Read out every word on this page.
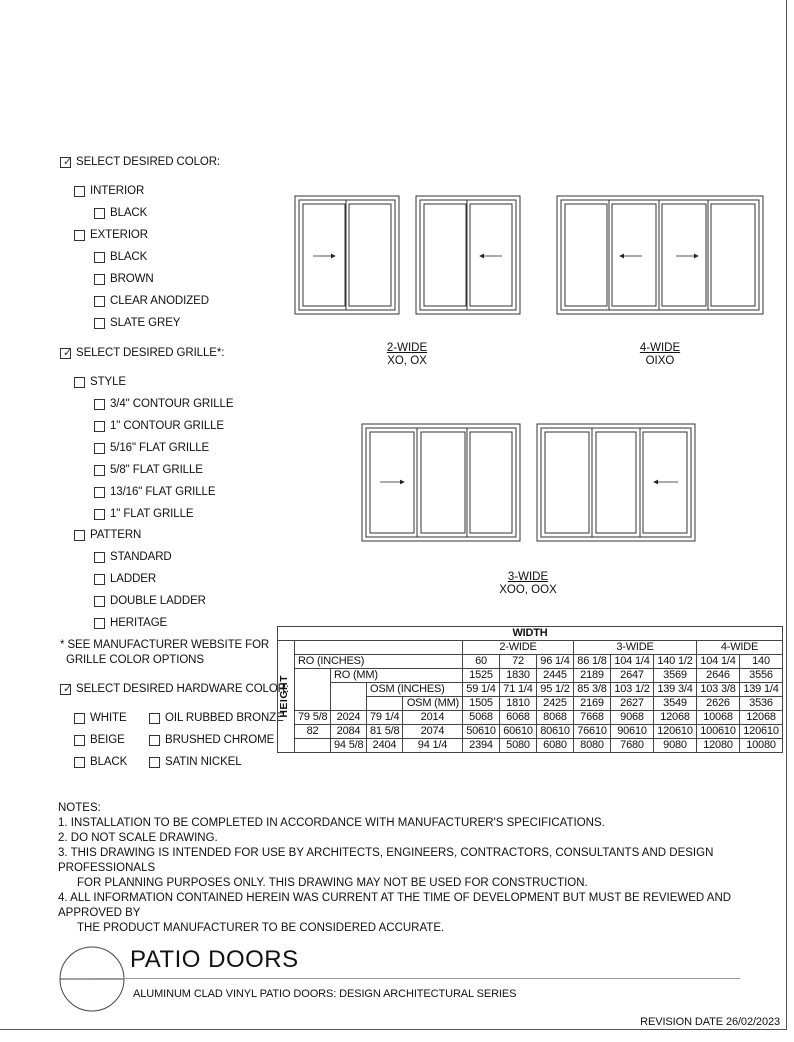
✓ SELECT DESIRED COLOR:
INTERIOR
BLACK
EXTERIOR
BLACK
BROWN
CLEAR ANODIZED
SLATE GREY
✓ SELECT DESIRED GRILLE*:
STYLE
3/4" CONTOUR GRILLE
1" CONTOUR GRILLE
5/16" FLAT GRILLE
5/8" FLAT GRILLE
13/16" FLAT GRILLE
1" FLAT GRILLE
PATTERN
STANDARD
LADDER
DOUBLE LADDER
HERITAGE
* SEE MANUFACTURER WEBSITE FOR
GRILLE COLOR OPTIONS
✓ SELECT DESIRED HARDWARE COLOR:
WHITE
BEIGE
BLACK
OIL RUBBED BRONZE
BRUSHED CHROME
SATIN NICKEL
2-WIDE
XO, OX
4-WIDE
OIXO
3-WIDE
XOO, OOX
WIDTH													

HEIGHT					2-WIDE			3-WIDE			4-WIDE		
	RO (INCHES)				60	72	96 1/4	86 1/8	104 1/4	140 1/2	104 1/4	140	
		RO (MM)			1525	1830	2445	2189	2647	3569	2646	3556	
			OSM (INCHES)		59 1/4	71 1/4	95 1/2	85 3/8	103 1/2	139 3/4	103 3/8	139 1/4	
				OSM (MM)	1505	1810	2425	2169	2627	3549	2626	3536	
	79 5/8	2024	79 1/4	2014	5068	6068	8068	7668	9068	12068	10068	12068	
	82	2084	81 5/8	2074	50610	60610	80610	76610	90610	120610	100610	120610	
		94 5/8	2404	94 1/4	2394	5080	6080	8080	7680	9080	12080	10080	
NOTES:
1. INSTALLATION TO BE COMPLETED IN ACCORDANCE WITH MANUFACTURER'S SPECIFICATIONS.
2. DO NOT SCALE DRAWING.
3. THIS DRAWING IS INTENDED FOR USE BY ARCHITECTS, ENGINEERS, CONTRACTORS, CONSULTANTS AND DESIGN PROFESSIONALS
FOR PLANNING PURPOSES ONLY. THIS DRAWING MAY NOT BE USED FOR CONSTRUCTION.
4. ALL INFORMATION CONTAINED HEREIN WAS CURRENT AT THE TIME OF DEVELOPMENT BUT MUST BE REVIEWED AND APPROVED BY
THE PRODUCT MANUFACTURER TO BE CONSIDERED ACCURATE.
PATIO DOORS
ALUMINUM CLAD VINYL PATIO DOORS: DESIGN ARCHITECTURAL SERIES
REVISION DATE 26/02/2023
